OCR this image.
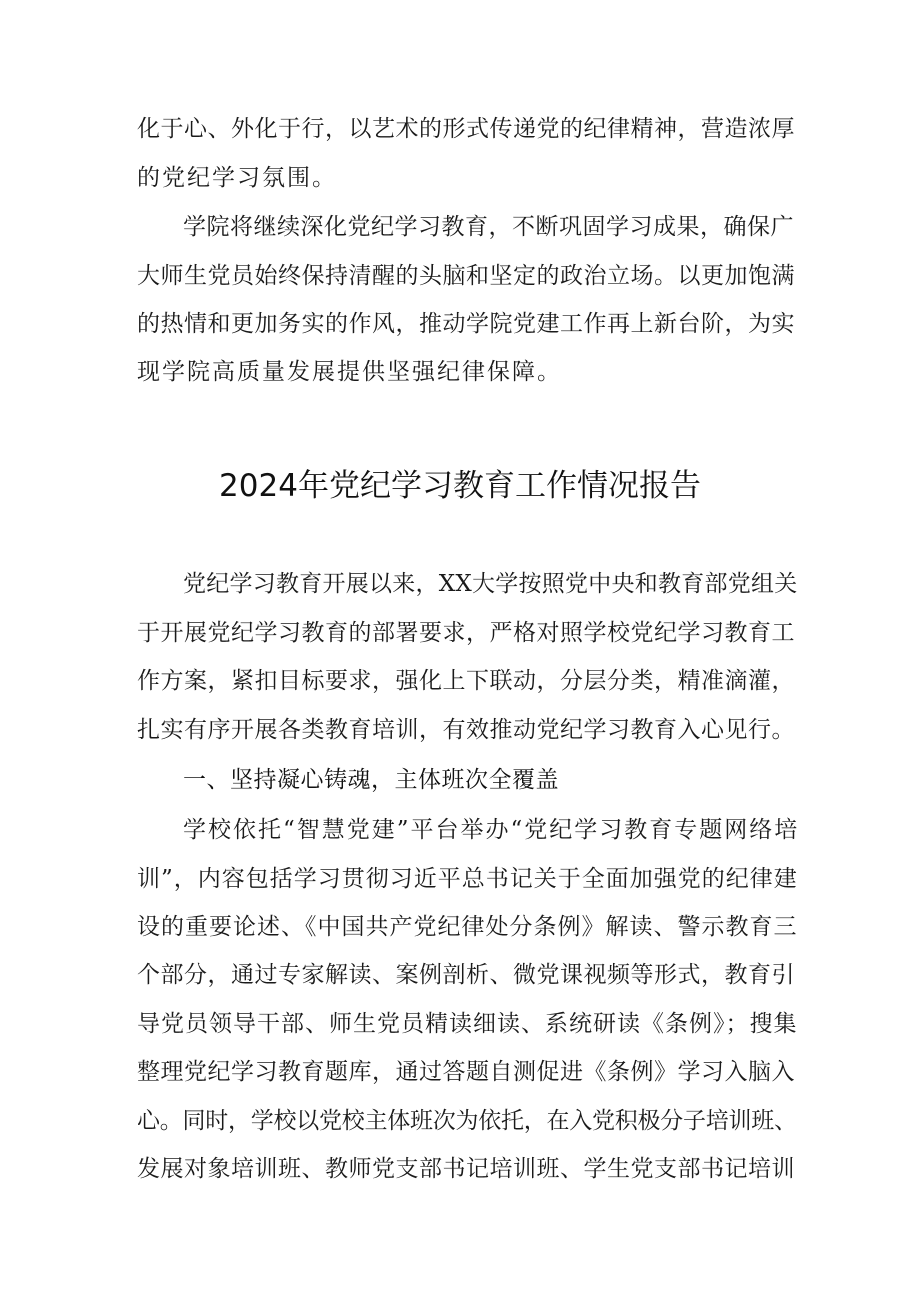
化于心、外化于行，以艺术的形式传递党的纪律精神，营造浓厚
的党纪学习氛围。
学院将继续深化党纪学习教育，不断巩固学习成果，确保广
大师生党员始终保持清醒的头脑和坚定的政治立场。以更加饱满
的热情和更加务实的作风，推动学院党建工作再上新台阶，为实
现学院高质量发展提供坚强纪律保障。
2024年党纪学习教育工作情况报告
党纪学习教育开展以来，XX大学按照党中央和教育部党组关
于开展党纪学习教育的部署要求，严格对照学校党纪学习教育工
作方案，紧扣目标要求，强化上下联动，分层分类，精准滴灌，
扎实有序开展各类教育培训，有效推动党纪学习教育入心见行。
一、坚持凝心铸魂，主体班次全覆盖
学校依托“智慧党建”平台举办“党纪学习教育专题网络培
训”，内容包括学习贯彻习近平总书记关于全面加强党的纪律建
设的重要论述、《中国共产党纪律处分条例》解读、警示教育三
个部分，通过专家解读、案例剖析、微党课视频等形式，教育引
导党员领导干部、师生党员精读细读、系统研读《条例》；搜集
整理党纪学习教育题库，通过答题自测促进《条例》学习入脑入
心。同时，学校以党校主体班次为依托，在入党积极分子培训班、
发展对象培训班、教师党支部书记培训班、学生党支部书记培训
